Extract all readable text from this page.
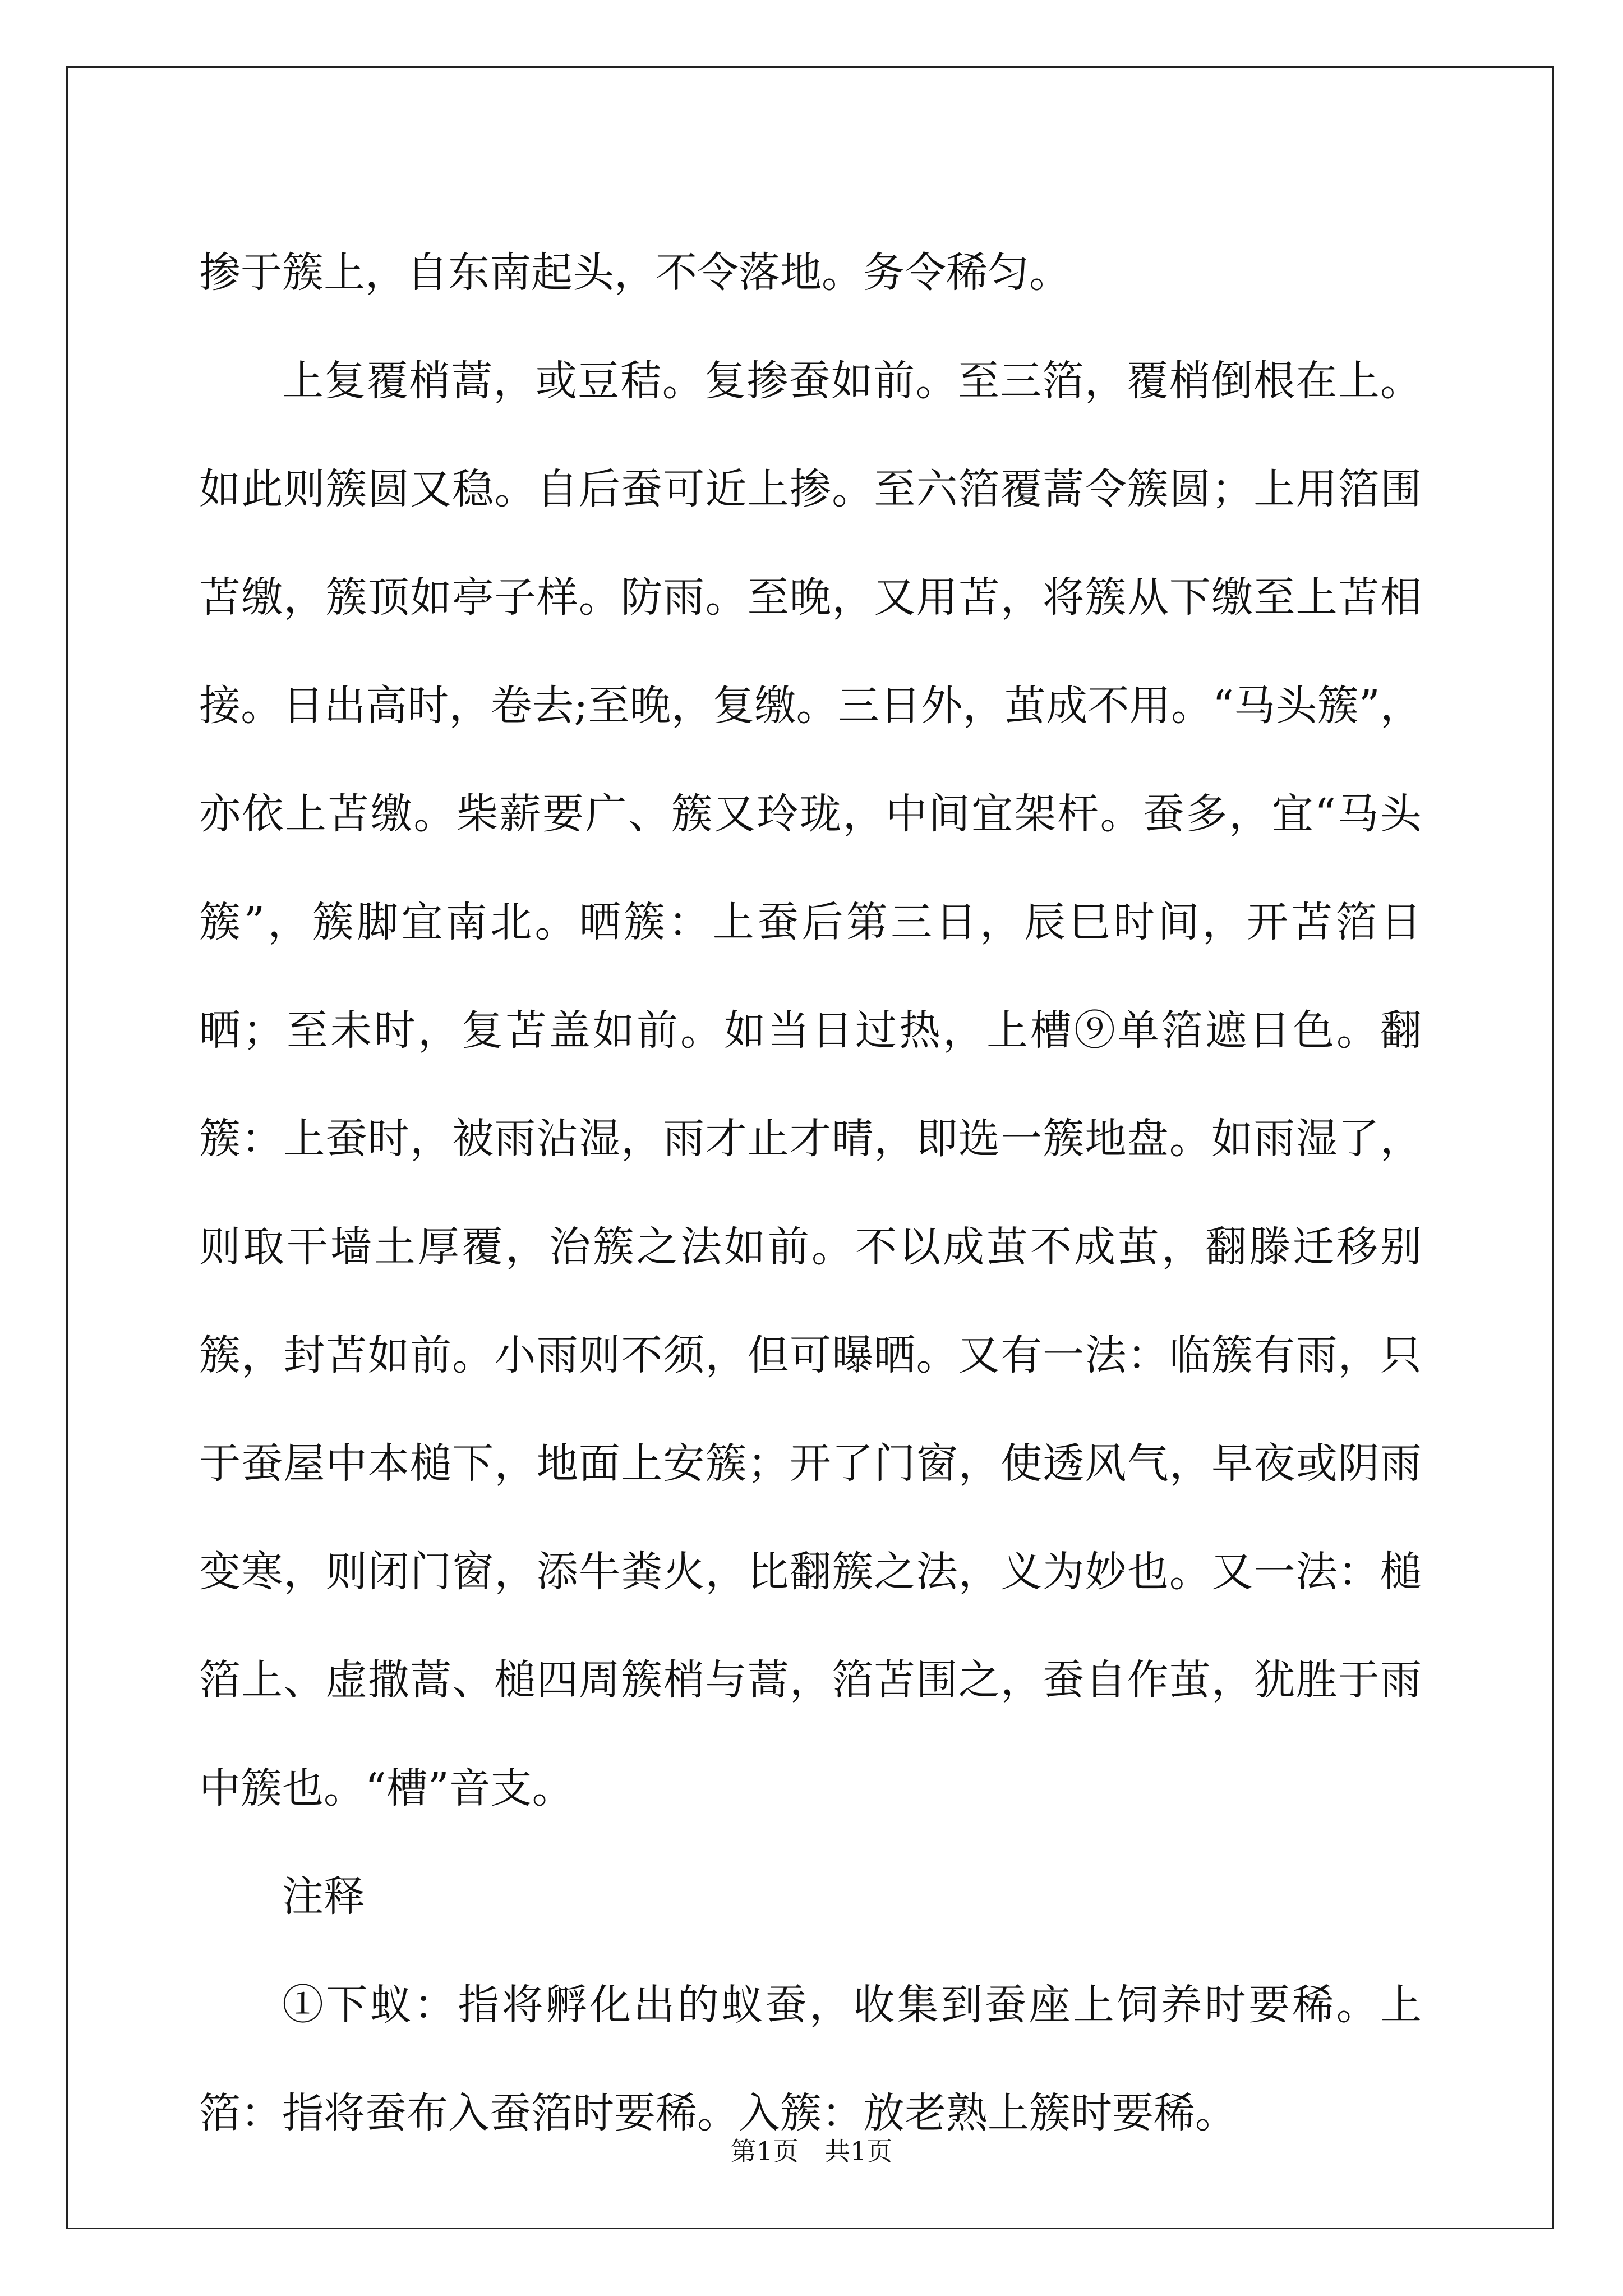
掺于簇上，自东南起头，不令落地。务令稀匀。

上复覆梢蒿，或豆秸。复掺蚕如前。至三箔，覆梢倒根在上。如此则簇圆又稳。自后蚕可近上掺。至六箔覆蒿令簇圆；上用箔围苫缴，簇顶如亭子样。防雨。至晚，又用苫，将簇从下缴至上苫相接。日出高时，卷去;至晚，复缴。三日外，茧成不用。“马头簇”，亦依上苫缴。柴薪要广、簇又玲珑，中间宜架杆。蚕多，宜“马头簇”，簇脚宜南北。晒簇：上蚕后第三日，辰巳时间，开苫箔日晒；至未时，复苫盖如前。如当日过热，上槽⑨单箔遮日色。翻簇：上蚕时，被雨沾湿，雨才止才晴，即选一簇地盘。如雨湿了，则取干墙土厚覆，治簇之法如前。不以成茧不成茧，翻滕迁移别簇，封苫如前。小雨则不须，但可曝晒。又有一法：临簇有雨，只于蚕屋中本槌下，地面上安簇；开了门窗，使透风气，早夜或阴雨变寒，则闭门窗，添牛粪火，比翻簇之法，义为妙也。又一法：槌箔上、虚撒蒿、槌四周簇梢与蒿，箔苫围之，蚕自作茧，犹胜于雨中簇也。“槽”音支。

注释

①下蚁：指将孵化出的蚁蚕，收集到蚕座上饲养时要稀。上箔：指将蚕布入蚕箔时要稀。入簇：放老熟上簇时要稀。

第1页 共1页
